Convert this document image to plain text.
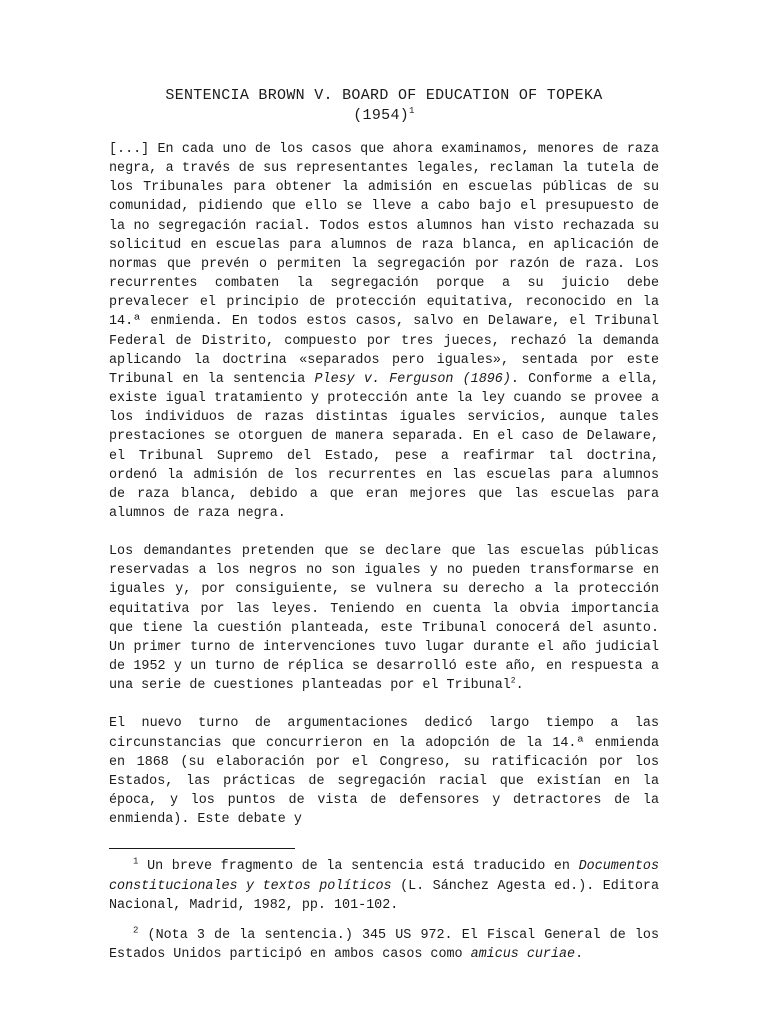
SENTENCIA BROWN V. BOARD OF EDUCATION OF TOPEKA
$(1954)^1$

[...] En cada uno de los casos que ahora examinamos, menores de raza negra, a través de sus representantes legales, reclaman la tutela de los Tribunales para obtener la admisión en escuelas públicas de su comunidad, pidiendo que ello se lleve a cabo bajo el presupuesto de la no segregación racial. Todos estos alumnos han visto rechazada su solicitud en escuelas para alumnos de raza blanca, en aplicación de normas que prevén o permiten la segregación por razón de raza. Los recurrentes combaten la segregación porque a su juicio debe prevalecer el principio de protección equitativa, reconocido en la 14.ª enmienda. En todos estos casos, salvo en Delaware, el Tribunal Federal de Distrito, compuesto por tres jueces, rechazó la demanda aplicando la doctrina «separados pero iguales», sentada por este Tribunal en la sentencia Plesy v. Ferguson (1896). Conforme a ella, existe igual tratamiento y protección ante la ley cuando se provee a los individuos de razas distintas iguales servicios, aunque tales prestaciones se otorguen de manera separada. En el caso de Delaware, el Tribunal Supremo del Estado, pese a reafirmar tal doctrina, ordenó la admisión de los recurrentes en las escuelas para alumnos de raza blanca, debido a que eran mejores que las escuelas para alumnos de raza negra.

Los demandantes pretenden que se declare que las escuelas públicas reservadas a los negros no son iguales y no pueden transformarse en iguales y, por consiguiente, se vulnera su derecho a la protección equitativa por las leyes. Teniendo en cuenta la obvia importancia que tiene la cuestión planteada, este Tribunal conocerá del asunto. Un primer turno de intervenciones tuvo lugar durante el año judicial de 1952 y un turno de réplica se desarrolló este año, en respuesta a una serie de cuestiones planteadas por el Tribunal$^2$.

El nuevo turno de argumentaciones dedicó largo tiempo a las circunstancias que concurrieron en la adopción de la 14.ª enmienda en 1868 (su elaboración por el Congreso, su ratificación por los Estados, las prácticas de segregación racial que existían en la época, y los puntos de vista de defensores y detractores de la enmienda). Este debate y

$^1$ Un breve fragmento de la sentencia está traducido en Documentos constitucionales y textos políticos (L. Sánchez Agesta ed.). Editora Nacional, Madrid, 1982, pp. 101-102.

$^2$ (Nota 3 de la sentencia.) 345 US 972. El Fiscal General de los Estados Unidos participó en ambos casos como amicus curiae.
